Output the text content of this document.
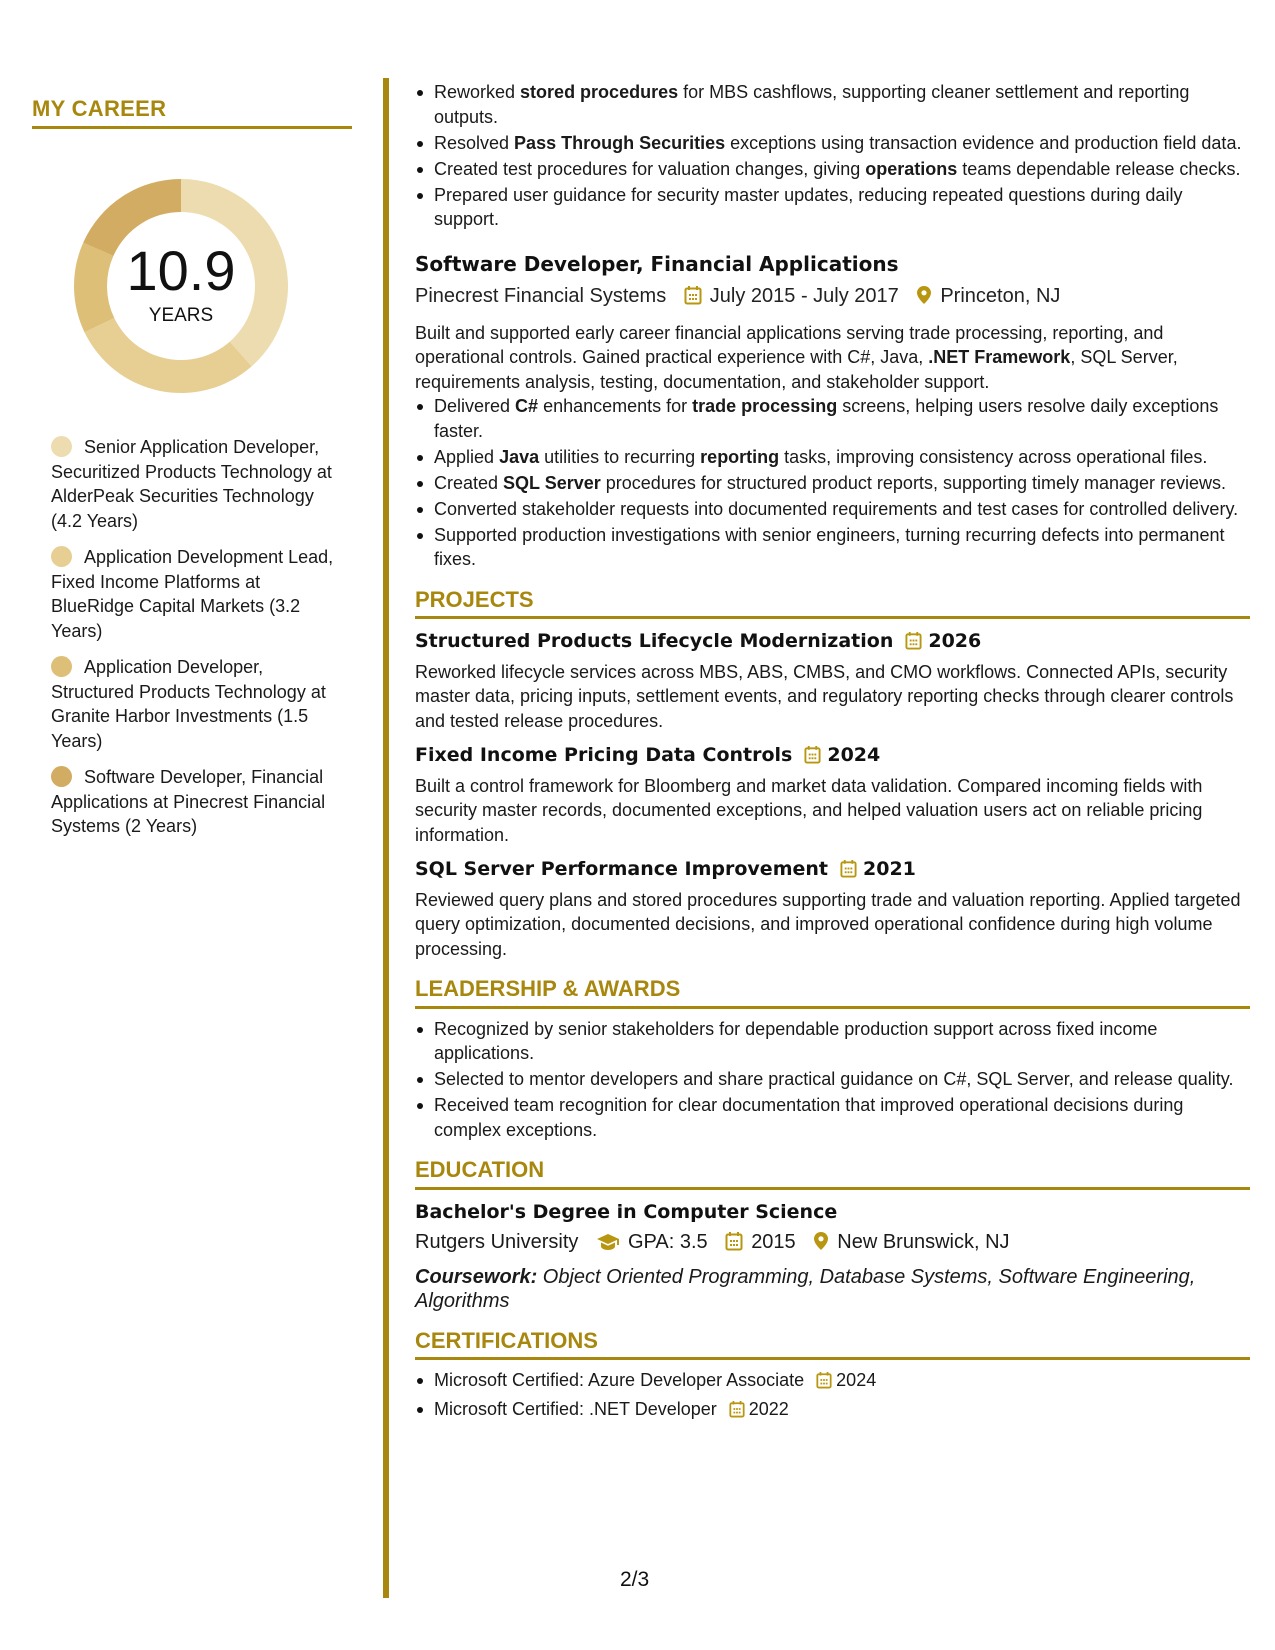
MY CAREER
10.9
YEARS
Senior Application Developer, Securitized Products Technology at AlderPeak Securities Technology (4.2 Years)
Application Development Lead, Fixed Income Platforms at BlueRidge Capital Markets (3.2 Years)
Application Developer, Structured Products Technology at Granite Harbor Investments (1.5 Years)
Software Developer, Financial Applications at Pinecrest Financial Systems (2 Years)
Reworked stored procedures for MBS cashflows, supporting cleaner settlement and reporting outputs.
Resolved Pass Through Securities exceptions using transaction evidence and production field data.
Created test procedures for valuation changes, giving operations teams dependable release checks.
Prepared user guidance for security master updates, reducing repeated questions during daily support.
Software Developer, Financial Applications
Pinecrest Financial Systems July 2015 - July 2017 Princeton, NJ
Built and supported early career financial applications serving trade processing, reporting, and operational controls. Gained practical experience with C#, Java, .NET Framework, SQL Server, requirements analysis, testing, documentation, and stakeholder support.
Delivered C# enhancements for trade processing screens, helping users resolve daily exceptions faster.
Applied Java utilities to recurring reporting tasks, improving consistency across operational files.
Created SQL Server procedures for structured product reports, supporting timely manager reviews.
Converted stakeholder requests into documented requirements and test cases for controlled delivery.
Supported production investigations with senior engineers, turning recurring defects into permanent fixes.
PROJECTS
Structured Products Lifecycle Modernization 2026
Reworked lifecycle services across MBS, ABS, CMBS, and CMO workflows. Connected APIs, security master data, pricing inputs, settlement events, and regulatory reporting checks through clearer controls and tested release procedures.
Fixed Income Pricing Data Controls 2024
Built a control framework for Bloomberg and market data validation. Compared incoming fields with security master records, documented exceptions, and helped valuation users act on reliable pricing information.
SQL Server Performance Improvement 2021
Reviewed query plans and stored procedures supporting trade and valuation reporting. Applied targeted query optimization, documented decisions, and improved operational confidence during high volume processing.
LEADERSHIP & AWARDS
Recognized by senior stakeholders for dependable production support across fixed income applications.
Selected to mentor developers and share practical guidance on C#, SQL Server, and release quality.
Received team recognition for clear documentation that improved operational decisions during complex exceptions.
EDUCATION
Bachelor's Degree in Computer Science
Rutgers University GPA: 3.5 2015 New Brunswick, NJ
Coursework: Object Oriented Programming, Database Systems, Software Engineering, Algorithms
CERTIFICATIONS
Microsoft Certified: Azure Developer Associate 2024
Microsoft Certified: .NET Developer 2022
2/3
